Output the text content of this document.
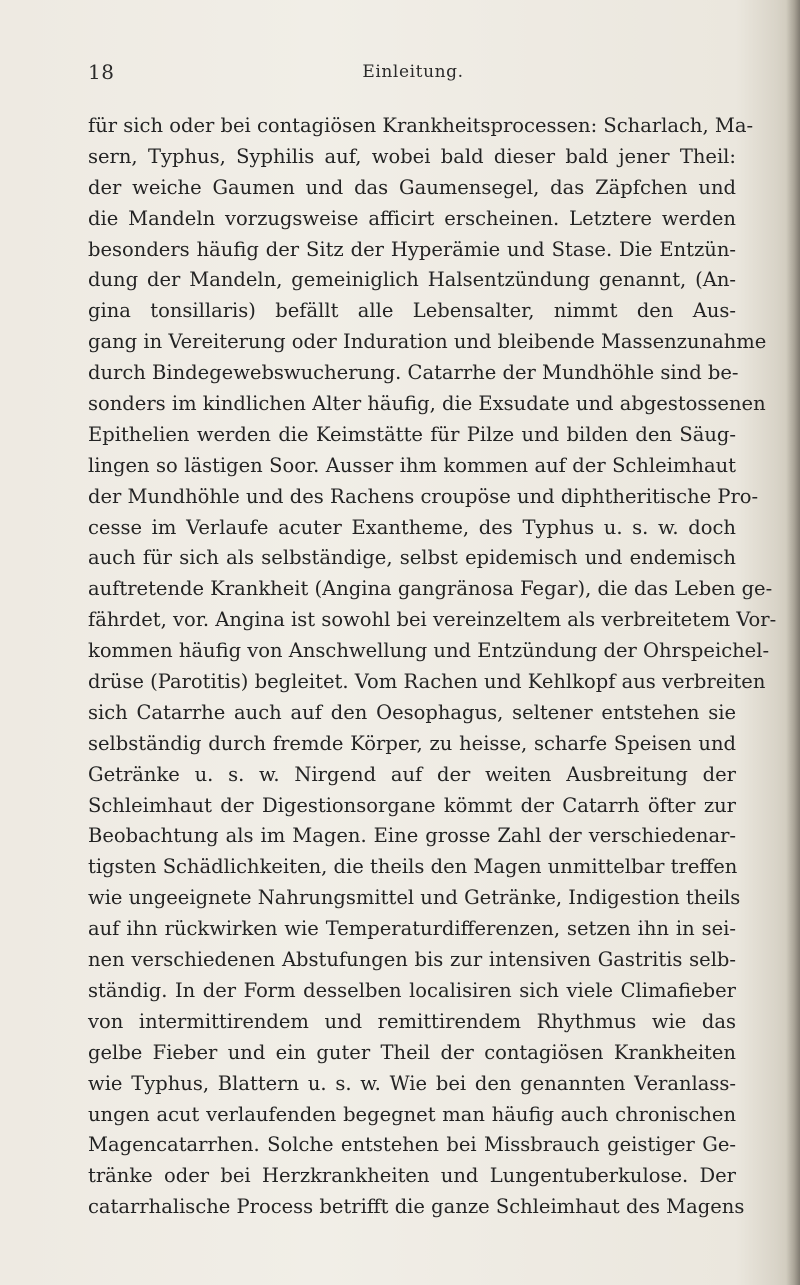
18	Einleitung.
für sich oder bei contagiösen Krankheitsprocessen: Scharlach, Ma-
sern, Typhus, Syphilis auf, wobei bald dieser bald jener Theil:
der weiche Gaumen und das Gaumensegel, das Zäpfchen und
die Mandeln vorzugsweise afficirt erscheinen. Letztere werden
besonders häufig der Sitz der Hyperämie und Stase. Die Entzün-
dung der Mandeln, gemeiniglich Halsentzündung genannt, (An-
gina tonsillaris) befällt alle Lebensalter, nimmt den Aus-
gang in Vereiterung oder Induration und bleibende Massenzunahme
durch Bindegewebswucherung. Catarrhe der Mundhöhle sind be-
sonders im kindlichen Alter häufig, die Exsudate und abgestossenen
Epithelien werden die Keimstätte für Pilze und bilden den Säug-
lingen so lästigen Soor. Ausser ihm kommen auf der Schleimhaut
der Mundhöhle und des Rachens croupöse und diphtheritische Pro-
cesse im Verlaufe acuter Exantheme, des Typhus u. s. w. doch
auch für sich als selbständige, selbst epidemisch und endemisch
auftretende Krankheit (Angina gangränosa Fegar), die das Leben ge-
fährdet, vor. Angina ist sowohl bei vereinzeltem als verbreitetem Vor-
kommen häufig von Anschwellung und Entzündung der Ohrspeichel-
drüse (Parotitis) begleitet. Vom Rachen und Kehlkopf aus verbreiten
sich Catarrhe auch auf den Oesophagus, seltener entstehen sie
selbständig durch fremde Körper, zu heisse, scharfe Speisen und
Getränke u. s. w. Nirgend auf der weiten Ausbreitung der
Schleimhaut der Digestionsorgane kömmt der Catarrh öfter zur
Beobachtung als im Magen. Eine grosse Zahl der verschiedenar-
tigsten Schädlichkeiten, die theils den Magen unmittelbar treffen
wie ungeeignete Nahrungsmittel und Getränke, Indigestion theils
auf ihn rückwirken wie Temperaturdifferenzen, setzen ihn in sei-
nen verschiedenen Abstufungen bis zur intensiven Gastritis selb-
ständig. In der Form desselben localisiren sich viele Climafieber
von intermittirendem und remittirendem Rhythmus wie das
gelbe Fieber und ein guter Theil der contagiösen Krankheiten
wie Typhus, Blattern u. s. w. Wie bei den genannten Veranlass-
ungen acut verlaufenden begegnet man häufig auch chronischen
Magencatarrhen. Solche entstehen bei Missbrauch geistiger Ge-
tränke oder bei Herzkrankheiten und Lungentuberkulose. Der
catarrhalische Process betrifft die ganze Schleimhaut des Magens
